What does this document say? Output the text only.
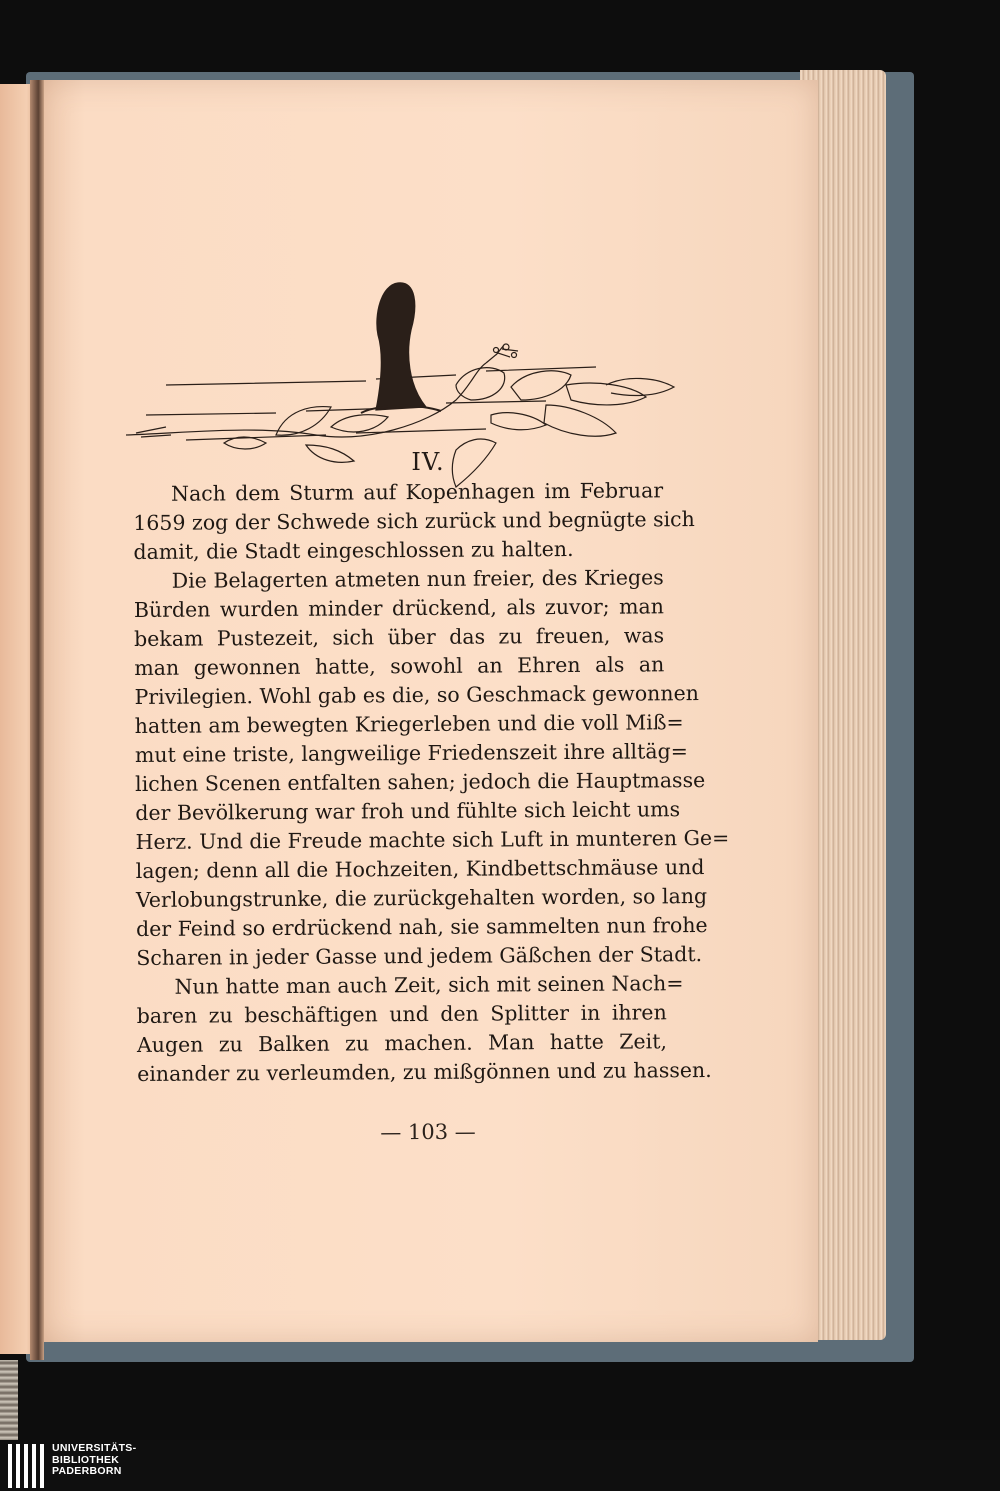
IV.

Nach dem Sturm auf Kopenhagen im Februar
1659 zog der Schwede sich zurück und begnügte sich
damit, die Stadt eingeschlossen zu halten.

Die Belagerten atmeten nun freier, des Krieges
Bürden wurden minder drückend, als zuvor; man
bekam Pustezeit, sich über das zu freuen, was
man gewonnen hatte, sowohl an Ehren als an
Privilegien. Wohl gab es die, so Geschmack gewonnen
hatten am bewegten Kriegerleben und die voll Miß=
mut eine triste, langweilige Friedenszeit ihre alltäg=
lichen Scenen entfalten sahen; jedoch die Hauptmasse
der Bevölkerung war froh und fühlte sich leicht ums
Herz. Und die Freude machte sich Luft in munteren Ge=
lagen; denn all die Hochzeiten, Kindbettschmäuse und
Verlobungstrunke, die zurückgehalten worden, so lang
der Feind so erdrückend nah, sie sammelten nun frohe
Scharen in jeder Gasse und jedem Gäßchen der Stadt.

Nun hatte man auch Zeit, sich mit seinen Nach=
baren zu beschäftigen und den Splitter in ihren
Augen zu Balken zu machen. Man hatte Zeit,
einander zu verleumden, zu mißgönnen und zu hassen.

— 103 —
UNIVERSITÄTS-
BIBLIOTHEK
PADERBORN
